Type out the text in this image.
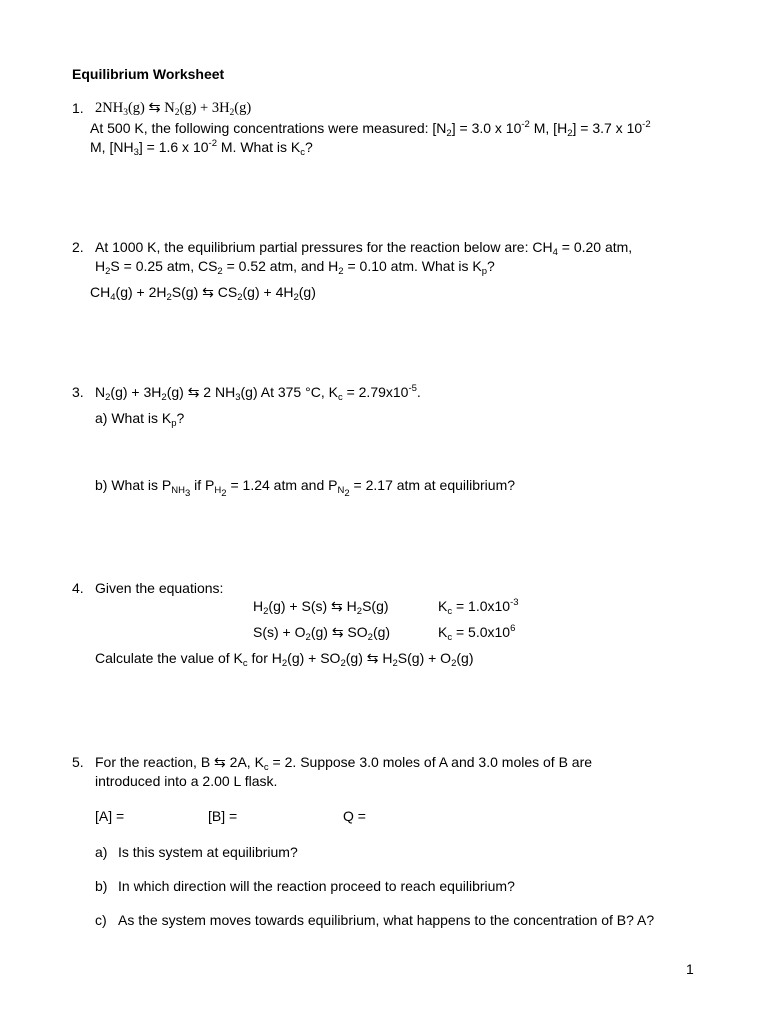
Equilibrium Worksheet
1. $2NH_3(g)$ ⇆ $N_2(g) + 3H_2(g)$
At 500 K, the following concentrations were measured: $[N_2] = 3.0$ x $10^{-2}$ M, $[H_2] = 3.7$ x $10^{-2}$
M, $[NH_3] = 1.6$ x $10^{-2}$ M. What is $K_c$?
2. At 1000 K, the equilibrium partial pressures for the reaction below are: $CH_4 = 0.20$ atm,
$H_2S = 0.25$ atm, $CS_2 = 0.52$ atm, and $H_2 = 0.10$ atm. What is $K_p$?
$CH_4(g) + 2H_2S(g)$ ⇆ $CS_2(g) + 4H_2(g)$
3. $N_2(g) + 3H_2(g)$ ⇆ 2 $NH_3(g)$ At 375 °C, $K_c = 2.79x10^{-5}$.
a) What is $K_p$?
b) What is $P_{NH_3}$ if $P_{H_2} = 1.24$ atm and $P_{N_2} = 2.17$ atm at equilibrium?
4. Given the equations:
$H_2(g) + S(s)$ ⇆ $H_2S(g)$	$K_c = 1.0x10^{-3}$
$S(s) + O_2(g)$ ⇆ $SO_2(g)$	$K_c = 5.0x10^6$
Calculate the value of $K_c$ for $H_2(g) + SO_2(g)$ ⇆ $H_2S(g) + O_2(g)$
5. For the reaction, B ⇆ 2A, $K_c = 2$. Suppose 3.0 moles of A and 3.0 moles of B are
introduced into a 2.00 L flask.
[A] =	[B] =	Q =
a) Is this system at equilibrium?
b) In which direction will the reaction proceed to reach equilibrium?
c) As the system moves towards equilibrium, what happens to the concentration of B? A?
1
